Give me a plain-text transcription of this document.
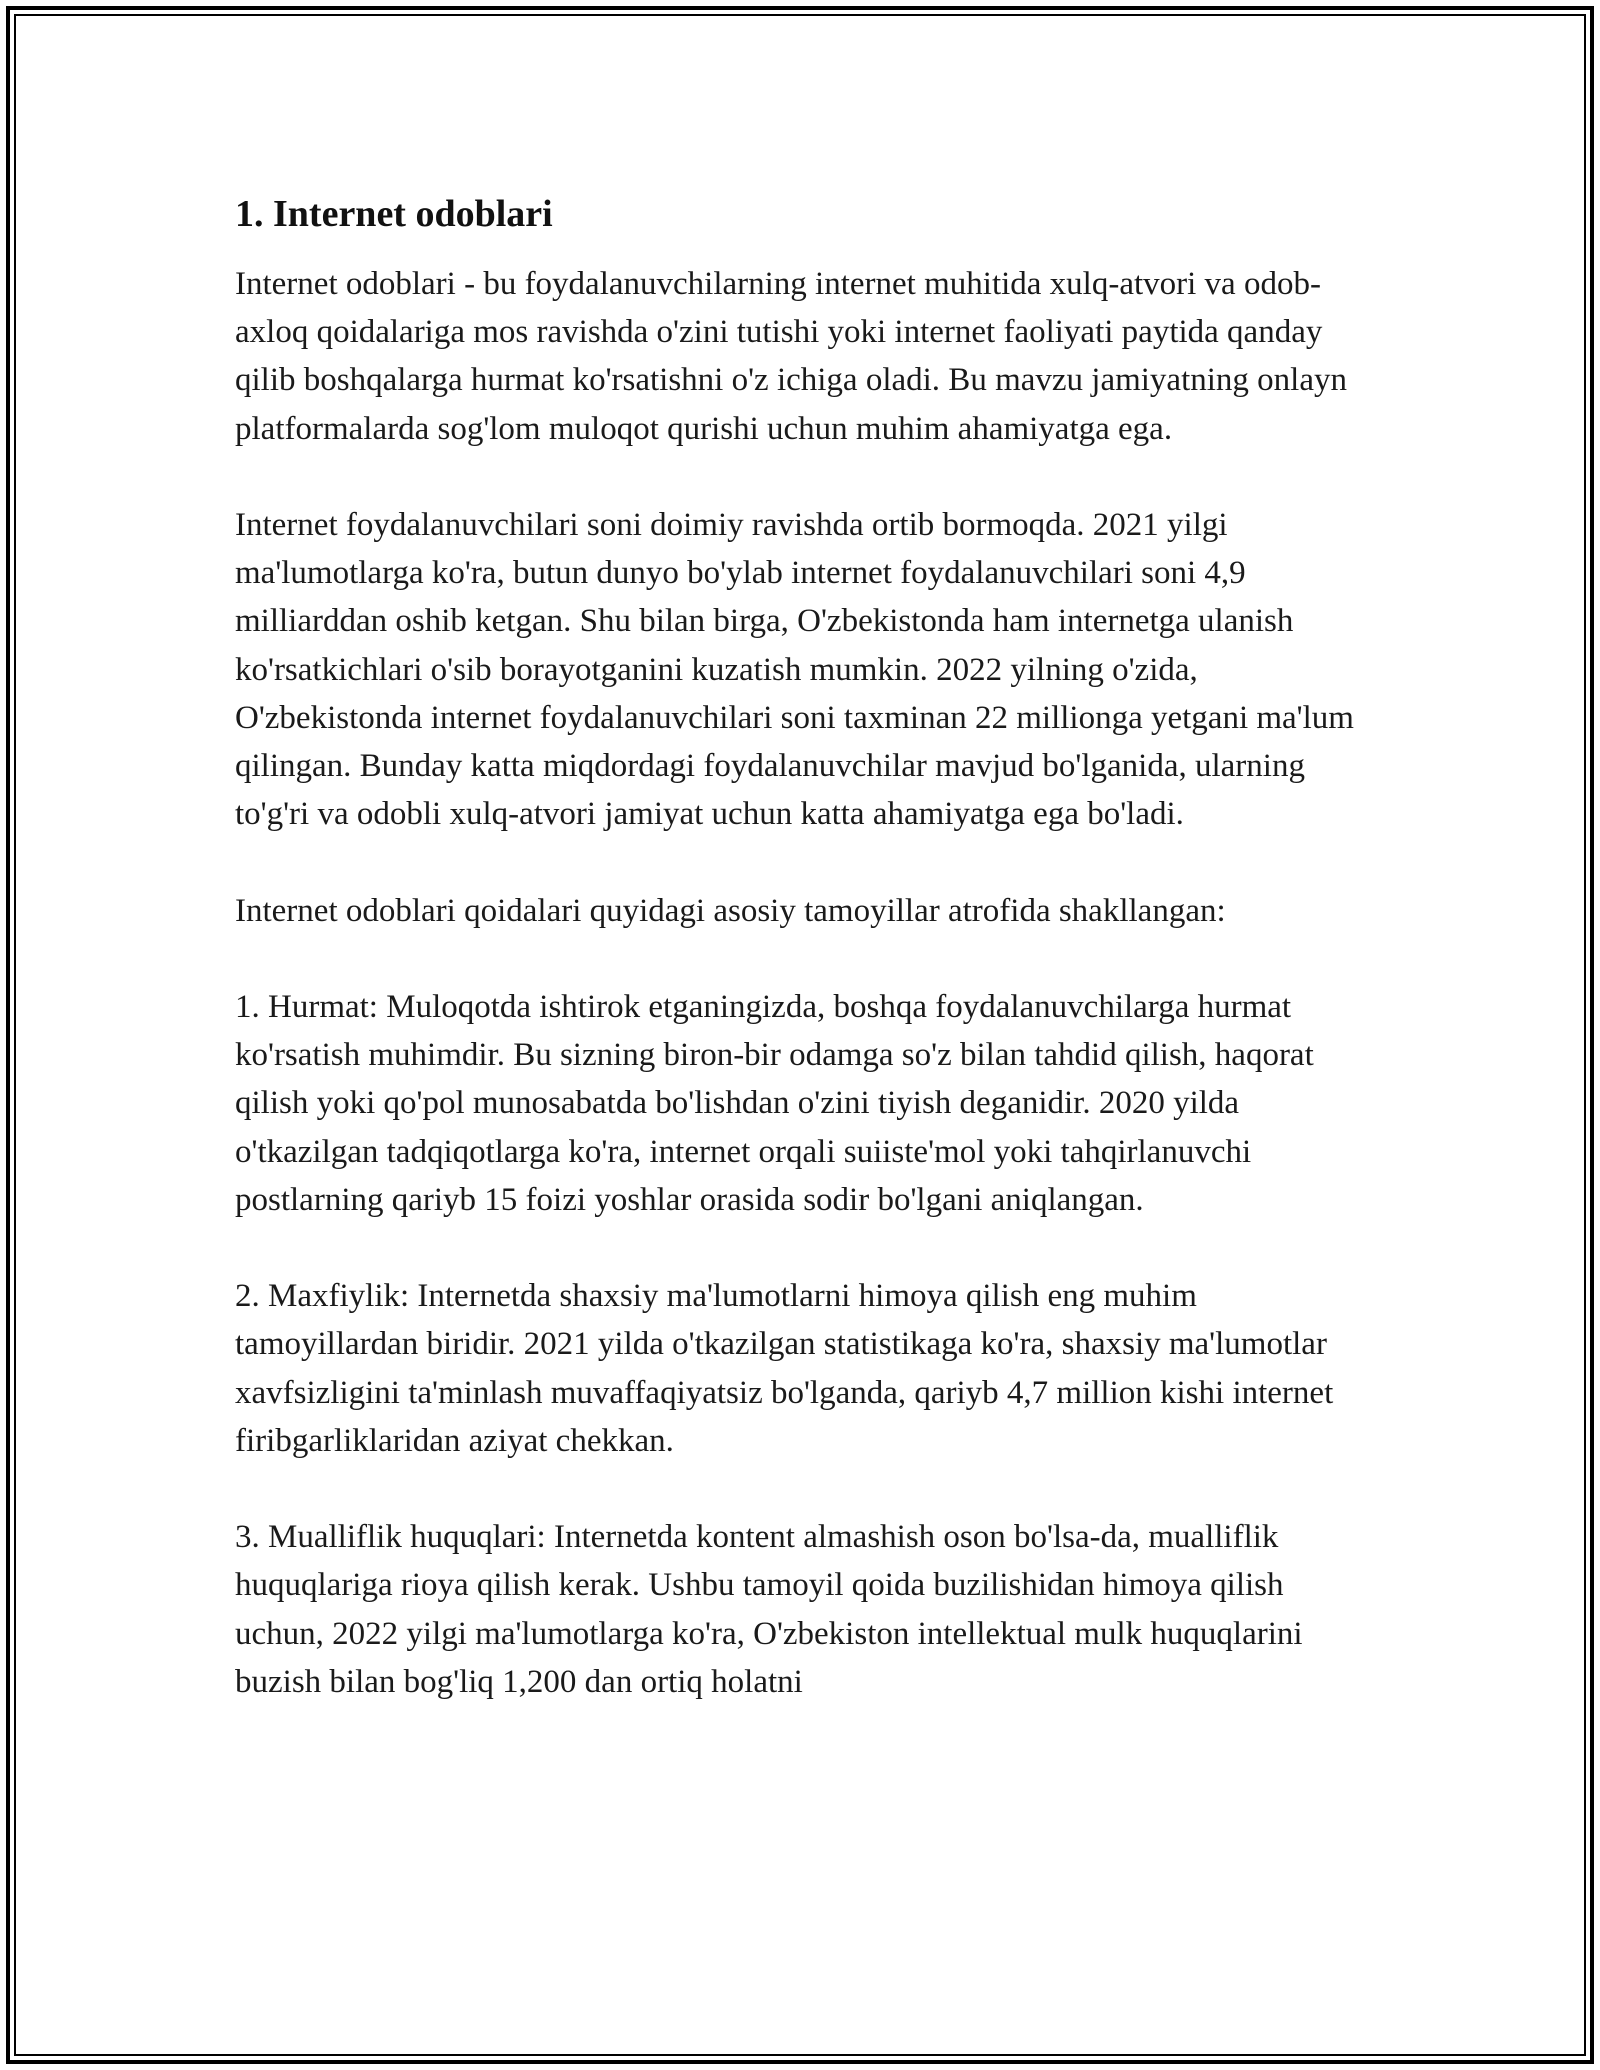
1. Internet odoblari

Internet odoblari - bu foydalanuvchilarning internet muhitida xulq-atvori va odob-axloq qoidalariga mos ravishda o'zini tutishi yoki internet faoliyati paytida qanday qilib boshqalarga hurmat ko'rsatishni o'z ichiga oladi. Bu mavzu jamiyatning onlayn platformalarda sog'lom muloqot qurishi uchun muhim ahamiyatga ega.

Internet foydalanuvchilari soni doimiy ravishda ortib bormoqda. 2021 yilgi ma'lumotlarga ko'ra, butun dunyo bo'ylab internet foydalanuvchilari soni 4,9 milliarddan oshib ketgan. Shu bilan birga, O'zbekistonda ham internetga ulanish ko'rsatkichlari o'sib borayotganini kuzatish mumkin. 2022 yilning o'zida, O'zbekistonda internet foydalanuvchilari soni taxminan 22 millionga yetgani ma'lum qilingan. Bunday katta miqdordagi foydalanuvchilar mavjud bo'lganida, ularning to'g'ri va odobli xulq-atvori jamiyat uchun katta ahamiyatga ega bo'ladi.

Internet odoblari qoidalari quyidagi asosiy tamoyillar atrofida shakllangan:

1. Hurmat: Muloqotda ishtirok etganingizda, boshqa foydalanuvchilarga hurmat ko'rsatish muhimdir. Bu sizning biron-bir odamga so'z bilan tahdid qilish, haqorat qilish yoki qo'pol munosabatda bo'lishdan o'zini tiyish deganidir. 2020 yilda o'tkazilgan tadqiqotlarga ko'ra, internet orqali suiiste'mol yoki tahqirlanuvchi postlarning qariyb 15 foizi yoshlar orasida sodir bo'lgani aniqlangan.

2. Maxfiylik: Internetda shaxsiy ma'lumotlarni himoya qilish eng muhim tamoyillardan biridir. 2021 yilda o'tkazilgan statistikaga ko'ra, shaxsiy ma'lumotlar xavfsizligini ta'minlash muvaffaqiyatsiz bo'lganda, qariyb 4,7 million kishi internet firibgarliklaridan aziyat chekkan.

3. Mualliflik huquqlari: Internetda kontent almashish oson bo'lsa-da, mualliflik huquqlariga rioya qilish kerak. Ushbu tamoyil qoida buzilishidan himoya qilish uchun, 2022 yilgi ma'lumotlarga ko'ra, O'zbekiston intellektual mulk huquqlarini buzish bilan bog'liq 1,200 dan ortiq holatni
